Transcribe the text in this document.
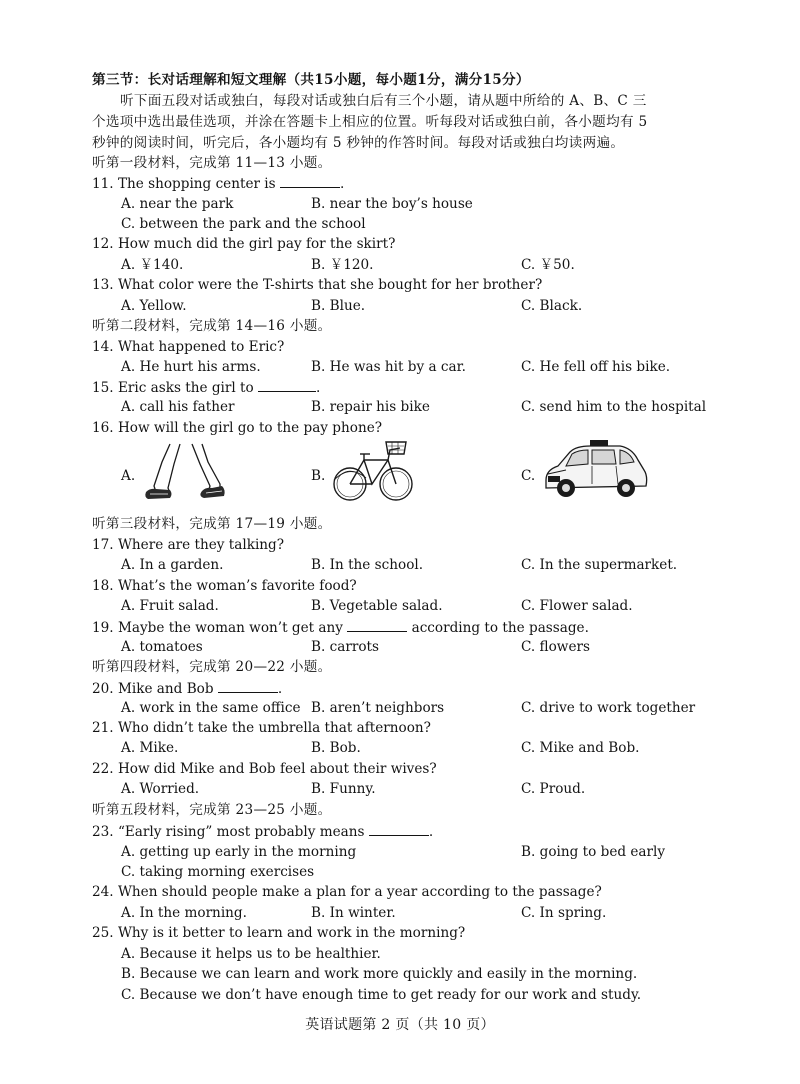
第三节：长对话理解和短文理解（共15小题，每小题1分，满分15分）
听下面五段对话或独白，每段对话或独白后有三个小题，请从题中所给的 A、B、C 三
个选项中选出最佳选项，并涂在答题卡上相应的位置。听每段对话或独白前，各小题均有 5
秒钟的阅读时间，听完后，各小题均有 5 秒钟的作答时间。每段对话或独白均读两遍。
听第一段材料，完成第 11—13 小题。
11. The shopping center is	.
A. near the park	B. near the boy’s house
C. between the park and the school
12. How much did the girl pay for the skirt?
A. ￥140.	B. ￥120.	C. ￥50.
13. What color were the T-shirts that she bought for her brother?
A. Yellow.	B. Blue.	C. Black.
听第二段材料，完成第 14—16 小题。
14. What happened to Eric?
A. He hurt his arms.	B. He was hit by a car.	C. He fell off his bike.
15. Eric asks the girl to	.
A. call his father	B. repair his bike	C. send him to the hospital
16. How will the girl go to the pay phone?
A.	B.	C.
听第三段材料，完成第 17—19 小题。
17. Where are they talking?
A. In a garden.	B. In the school.	C. In the supermarket.
18. What’s the woman’s favorite food?
A. Fruit salad.	B. Vegetable salad.	C. Flower salad.
19. Maybe the woman won’t get any	according to the passage.
A. tomatoes	B. carrots	C. flowers
听第四段材料，完成第 20—22 小题。
20. Mike and Bob	.
A. work in the same office B. aren’t neighbors	C. drive to work together
21. Who didn’t take the umbrella that afternoon?
A. Mike.	B. Bob.	C. Mike and Bob.
22. How did Mike and Bob feel about their wives?
A. Worried.	B. Funny.	C. Proud.
听第五段材料，完成第 23—25 小题。
23. “Early rising” most probably means	.
A. getting up early in the morning	B. going to bed early
C. taking morning exercises
24. When should people make a plan for a year according to the passage?
A. In the morning.	B. In winter.	C. In spring.
25. Why is it better to learn and work in the morning?
A. Because it helps us to be healthier.
B. Because we can learn and work more quickly and easily in the morning.
C. Because we don’t have enough time to get ready for our work and study.
英语试题第 2 页（共 10 页）
